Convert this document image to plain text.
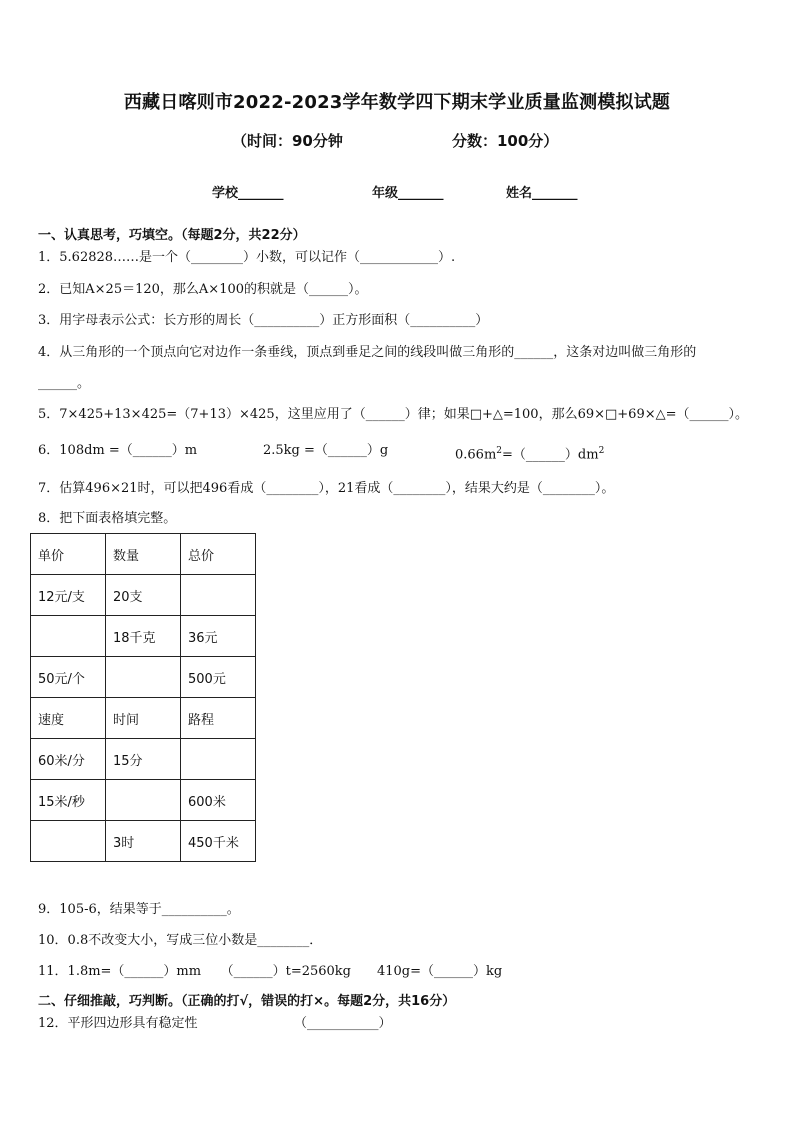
西藏日喀则市2022-2023学年数学四下期末学业质量监测模拟试题
（时间：90分钟	分数：100分）
学校_______	年级_______	姓名_______
一、认真思考，巧填空。（每题2分，共22分）
1．5.62828……是一个（________）小数，可以记作（____________）.
2．已知A×25＝120，那么A×100的积就是（______）。
3．用字母表示公式：长方形的周长（__________）正方形面积（__________）
4．从三角形的一个顶点向它对边作一条垂线，顶点到垂足之间的线段叫做三角形的______，这条对边叫做三角形的
______。
5．7×425+13×425=（7+13）×425，这里应用了（______）律；如果□+△=100，那么69×□+69×△=（______）。
6．108dm =（______）m	2.5kg =（______）g	$0.66m^2=(\_\_\_\_\_\_)dm^2$
7．估算496×21时，可以把496看成（________），21看成（________），结果大约是（________）。
8．把下面表格填完整。
单价	数量	总价
12元/支	20支	
	18千克	36元
50元/个		500元
速度	时间	路程
60米/分	15分	
15米/秒		600米
	3时	450千米
9．105-6，结果等于__________。
10．0.8不改变大小，写成三位小数是________．
11．1.8m=（______）mm　　（______）t=2560kg　　410g=（______）kg
二、仔细推敲，巧判断。（正确的打√，错误的打×。每题2分，共16分）
12．平形四边形具有稳定性	（___________）
